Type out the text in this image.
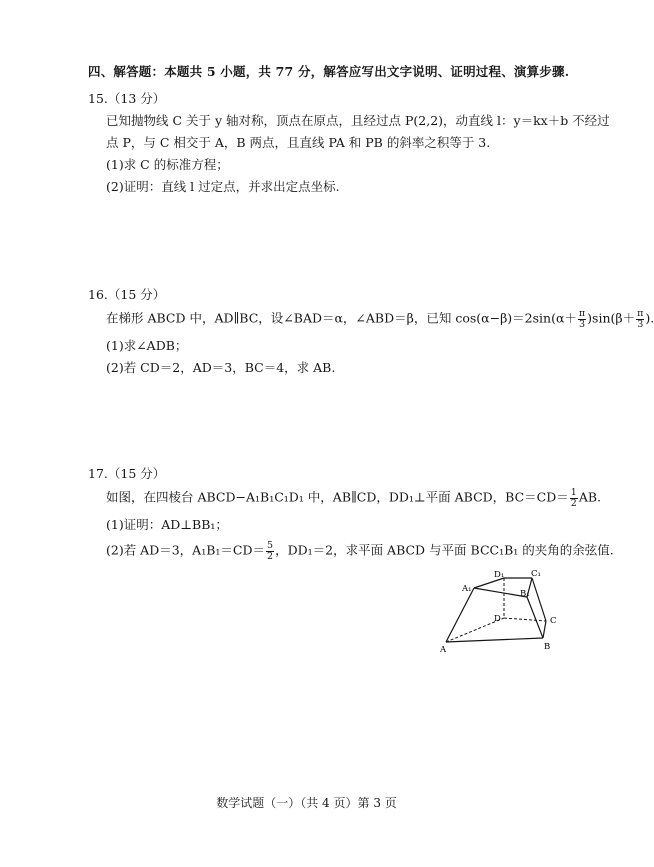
四、解答题：本题共 5 小题，共 77 分，解答应写出文字说明、证明过程、演算步骤.
15.（13 分）
已知抛物线 C 关于 y 轴对称，顶点在原点，且经过点 P(2,2)，动直线 l：y＝kx＋b 不经过
点 P，与 C 相交于 A，B 两点，且直线 PA 和 PB 的斜率之积等于 3.
(1)求 C 的标准方程；
(2)证明：直线 l 过定点，并求出定点坐标.
16.（15 分）
在梯形 ABCD 中，AD∥BC，设∠BAD＝α，∠ABD＝β，已知 $\cos(\alpha-\beta)=2\sin(\alpha+ \frac{\pi}{3} )\sin(\beta+ \frac{\pi}{3}$ ).
(1)求∠ADB；
(2)若 CD＝2，AD＝3，BC＝4，求 AB.
17.（15 分）
如图，在四棱台 ABCD−A₁B₁C₁D₁ 中，AB∥CD，DD₁⊥平面 ABCD，$BC=CD= \frac{1}{2}$ AB.
(1)证明：AD⊥BB₁；
(2)若 AD＝3，$A_1B_1=CD= \frac{5}{2}$ ，DD₁＝2，求平面 ABCD 与平面 BCC₁B₁ 的夹角的余弦值.
A₁
D₁	C₁
B₁
D	C
A	B
数学试题（一）（共 4 页）第 3 页
